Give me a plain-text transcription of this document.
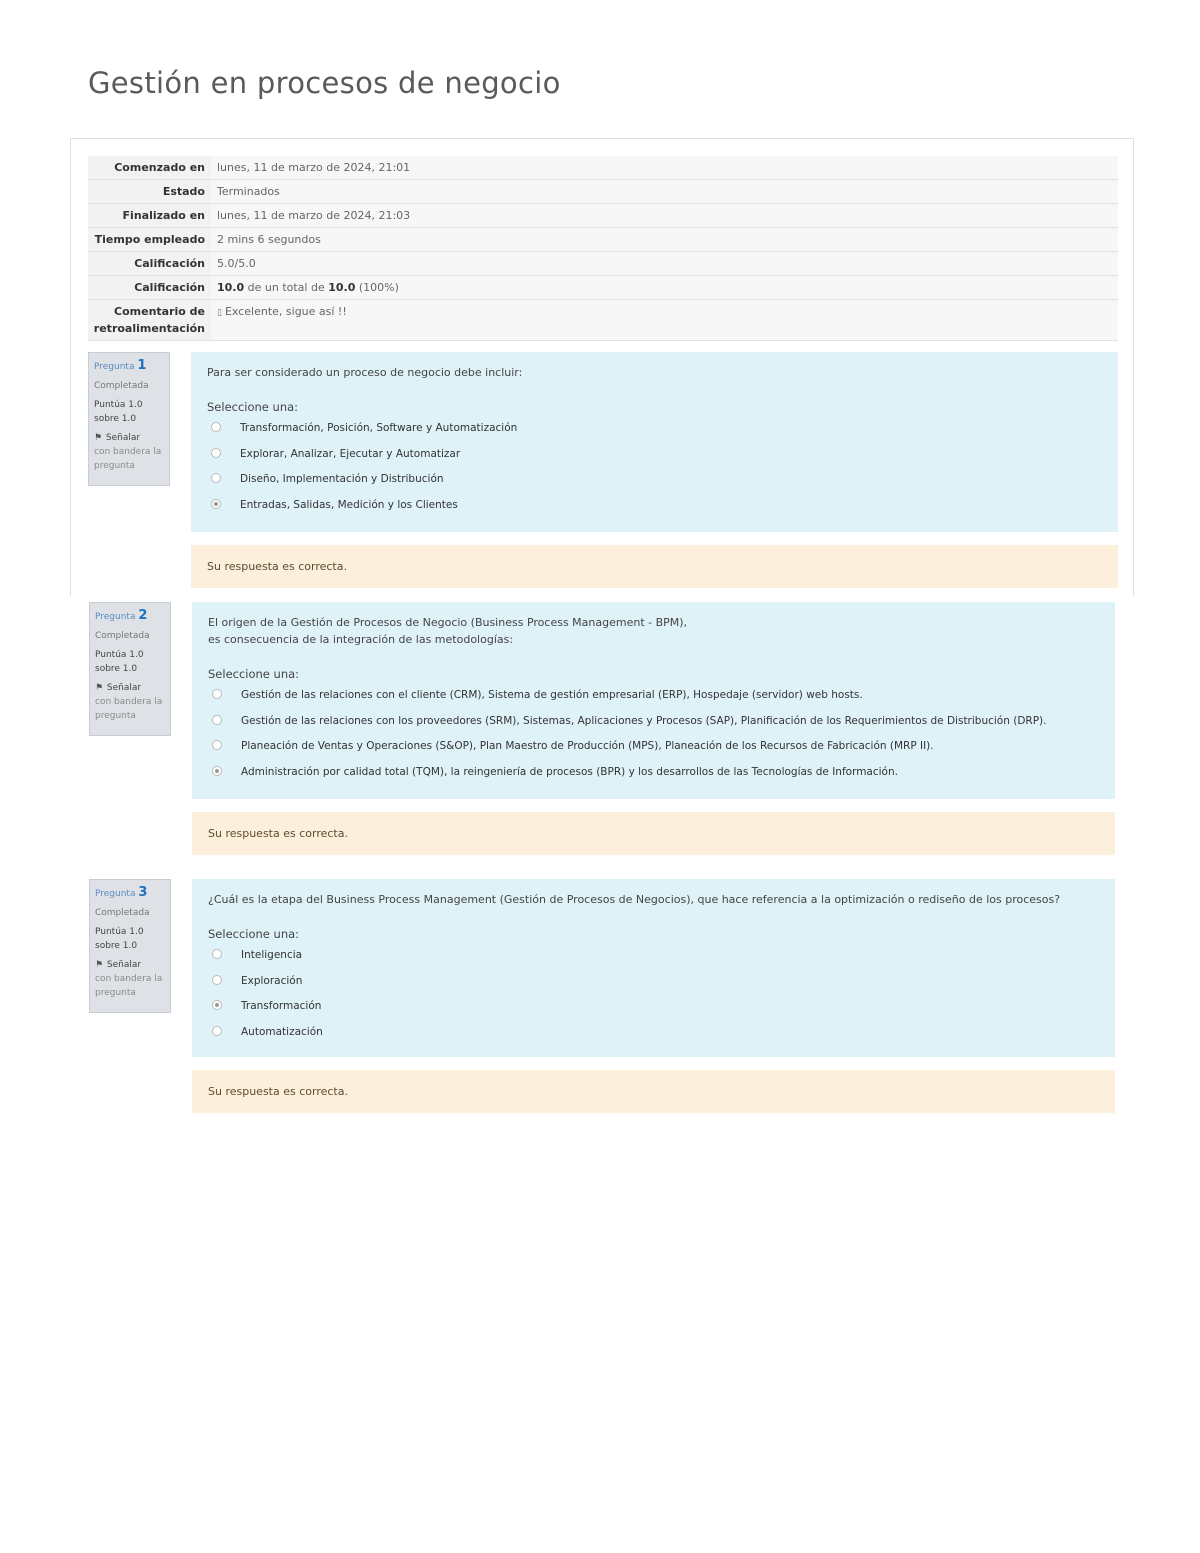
Gestión en procesos de negocio
Comenzado en	lunes, 11 de marzo de 2024, 21:01
Estado	Terminados
Finalizado en	lunes, 11 de marzo de 2024, 21:03
Tiempo empleado	2 mins 6 segundos
Calificación	5.0/5.0
Calificación	10.0 de un total de 10.0 (100%)
Comentario de retroalimentación	▯ Excelente, sigue así !!
Pregunta 1
Completada
Puntúa 1.0
sobre 1.0
⚑ Señalar
con bandera la pregunta

Para ser considerado un proceso de negocio debe incluir:

Seleccione una:
Transformación, Posición, Software y Automatización
Explorar, Analizar, Ejecutar y Automatizar
Diseño, Implementación y Distribución
Entradas, Salidas, Medición y los Clientes
Su respuesta es correcta.
Pregunta 2
Completada
Puntúa 1.0
sobre 1.0
⚑ Señalar
con bandera la pregunta

El origen de la Gestión de Procesos de Negocio (Business Process Management - BPM),
es consecuencia de la integración de las metodologías:

Seleccione una:
Gestión de las relaciones con el cliente (CRM), Sistema de gestión empresarial (ERP), Hospedaje (servidor) web hosts.
Gestión de las relaciones con los proveedores (SRM), Sistemas, Aplicaciones y Procesos (SAP), Planificación de los Requerimientos de Distribución (DRP).
Planeación de Ventas y Operaciones (S&OP), Plan Maestro de Producción (MPS), Planeación de los Recursos de Fabricación (MRP II).
Administración por calidad total (TQM), la reingeniería de procesos (BPR) y los desarrollos de las Tecnologías de Información.
Su respuesta es correcta.
Pregunta 3
Completada
Puntúa 1.0
sobre 1.0
⚑ Señalar
con bandera la pregunta

¿Cuál es la etapa del Business Process Management (Gestión de Procesos de Negocios), que hace referencia a la optimización o rediseño de los procesos?

Seleccione una:
Inteligencia
Exploración
Transformación
Automatización
Su respuesta es correcta.
